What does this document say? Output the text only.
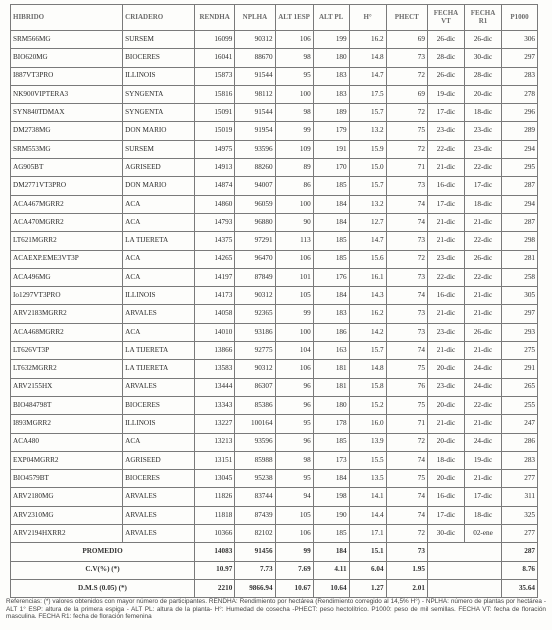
HIBRIDO	CRIADERO	RENDHA	NPLHA	ALT 1ESP	ALT PL	H°	PHECT	FECHA VT	FECHA R1	P1000
SRM566MG	SURSEM	16099	90312	106	199	16.2	69	26-dic	26-dic	306
BIO620MG	BIOCERES	16041	88670	98	180	14.8	73	28-dic	30-dic	297
I887VT3PRO	ILLINOIS	15873	91544	95	183	14.7	72	26-dic	28-dic	283
NK900VIPTERA3	SYNGENTA	15816	98112	100	183	17.5	69	19-dic	20-dic	278
SYN840TDMAX	SYNGENTA	15091	91544	98	189	15.7	72	17-dic	18-dic	296
DM2738MG	DON MARIO	15019	91954	99	179	13.2	75	23-dic	23-dic	289
SRM553MG	SURSEM	14975	93596	109	191	15.9	72	22-dic	23-dic	294
AG905BT	AGRISEED	14913	88260	89	170	15.0	71	21-dic	22-dic	295
DM2771VT3PRO	DON MARIO	14874	94007	86	185	15.7	73	16-dic	17-dic	287
ACA467MGRR2	ACA	14860	96059	100	184	13.2	74	17-dic	18-dic	294
ACA470MGRR2	ACA	14793	96880	90	184	12.7	74	21-dic	21-dic	287
LT621MGRR2	LA TIJERETA	14375	97291	113	185	14.7	73	21-dic	22-dic	298
ACAEXP.EME3VT3P	ACA	14265	96470	106	185	15.6	72	23-dic	26-dic	281
ACA496MG	ACA	14197	87849	101	176	16.1	73	22-dic	22-dic	258
Io1297VT3PRO	ILLINOIS	14173	90312	105	184	14.3	74	16-dic	21-dic	305
ARV2183MGRR2	ARVALES	14058	92365	99	183	16.2	73	21-dic	21-dic	297
ACA468MGRR2	ACA	14010	93186	100	186	14.2	73	23-dic	26-dic	293
LT626VT3P	LA TIJERETA	13866	92775	104	163	15.7	74	21-dic	21-dic	275
LT632MGRR2	LA TIJERETA	13583	90312	106	181	14.8	75	20-dic	24-dic	291
ARV2155HX	ARVALES	13444	86307	96	181	15.8	76	23-dic	24-dic	265
BIO484798T	BIOCERES	13343	85386	96	180	15.2	75	20-dic	22-dic	255
I893MGRR2	ILLINOIS	13227	100164	95	178	16.0	71	21-dic	21-dic	247
ACA480	ACA	13213	93596	96	185	13.9	72	20-dic	24-dic	286
EXP04MGRR2	AGRISEED	13151	85988	98	173	15.5	74	18-dic	19-dic	283
BIO4579BT	BIOCERES	13045	95238	95	184	13.5	75	20-dic	21-dic	277
ARV2180MG	ARVALES	11826	83744	94	198	14.1	74	16-dic	17-dic	311
ARV2310MG	ARVALES	11818	87439	105	190	14.4	74	17-dic	18-dic	325
ARV2194HXRR2	ARVALES	10366	82102	106	185	17.1	72	30-dic	02-ene	277
PROMEDIO		14083	91456	99	184	15.1	73			287
C.V(%) (*)		10.97	7.73	7.69	4.11	6.04	1.95			8.76
D.M.S (0.05) (*)		2210	9866.94	10.67	10.64	1.27	2.01			35.64
Referencias: (*) valores obtenidos con mayor número de participantes. RENDHA: Rendimiento por hectárea (Rendimiento corregido al 14,5% H°) - NPLHA: número de plantas por hectárea - ALT 1° ESP: altura de la primera espiga - ALT PL: altura de la planta- H°: Humedad de cosecha -PHECT: peso hectolítrico. P1000: peso de mil semillas. FECHA VT: fecha de floración masculina. FECHA R1: fecha de floración femenina
